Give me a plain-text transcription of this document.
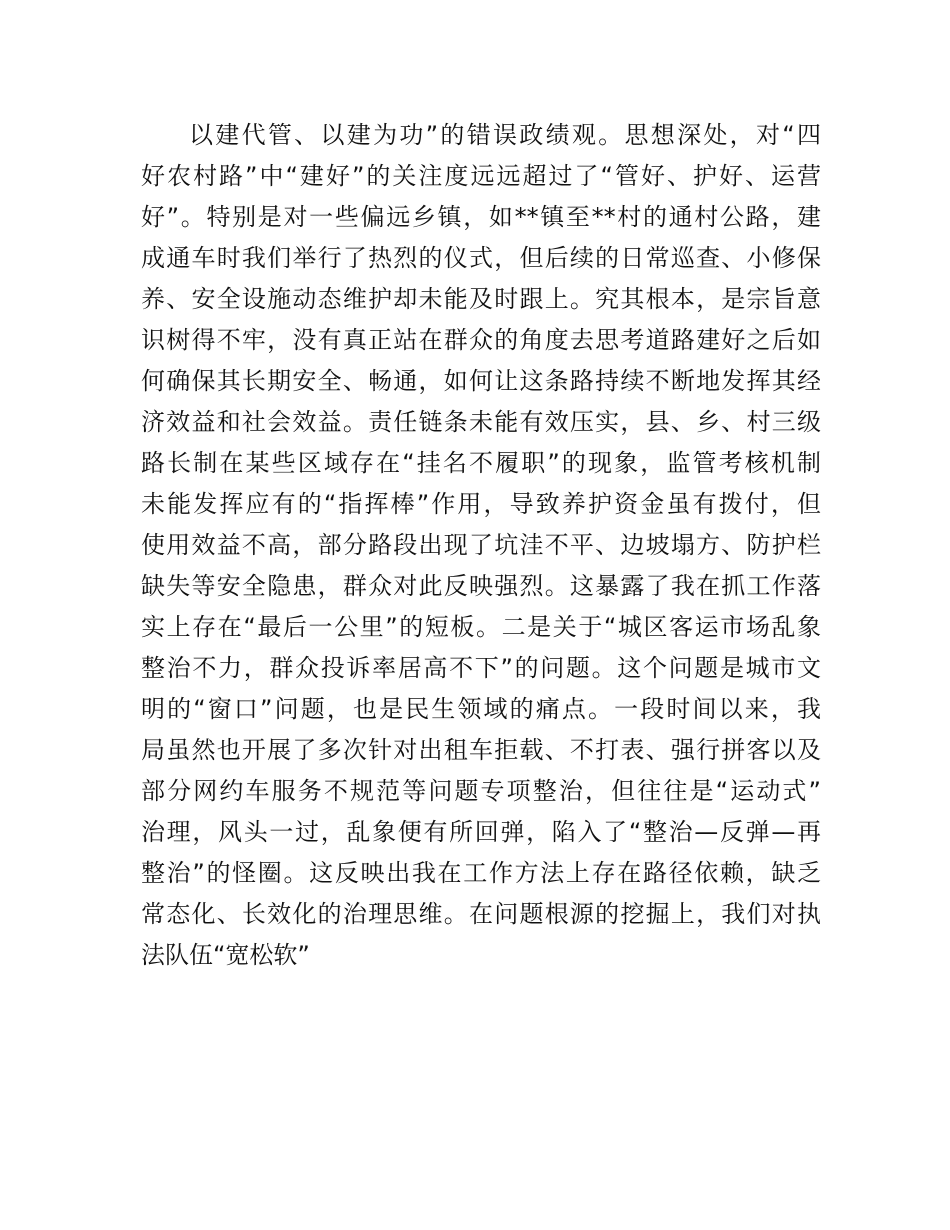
以建代管、以建为功”的错误政绩观。思想深处，对“四
好农村路”中“建好”的关注度远远超过了“管好、护好、运营
好”。特别是对一些偏远乡镇，如**镇至**村的通村公路，建
成通车时我们举行了热烈的仪式，但后续的日常巡查、小修保
养、安全设施动态维护却未能及时跟上。究其根本，是宗旨意
识树得不牢，没有真正站在群众的角度去思考道路建好之后如
何确保其长期安全、畅通，如何让这条路持续不断地发挥其经
济效益和社会效益。责任链条未能有效压实，县、乡、村三级
路长制在某些区域存在“挂名不履职”的现象，监管考核机制
未能发挥应有的“指挥棒”作用，导致养护资金虽有拨付，但
使用效益不高，部分路段出现了坑洼不平、边坡塌方、防护栏
缺失等安全隐患，群众对此反映强烈。这暴露了我在抓工作落
实上存在“最后一公里”的短板。二是关于“城区客运市场乱象
整治不力，群众投诉率居高不下”的问题。这个问题是城市文
明的“窗口”问题，也是民生领域的痛点。一段时间以来，我
局虽然也开展了多次针对出租车拒载、不打表、强行拼客以及
部分网约车服务不规范等问题专项整治，但往往是“运动式”
治理，风头一过，乱象便有所回弹，陷入了“整治—反弹—再
整治”的怪圈。这反映出我在工作方法上存在路径依赖，缺乏
常态化、长效化的治理思维。在问题根源的挖掘上，我们对执
法队伍“宽松软”
